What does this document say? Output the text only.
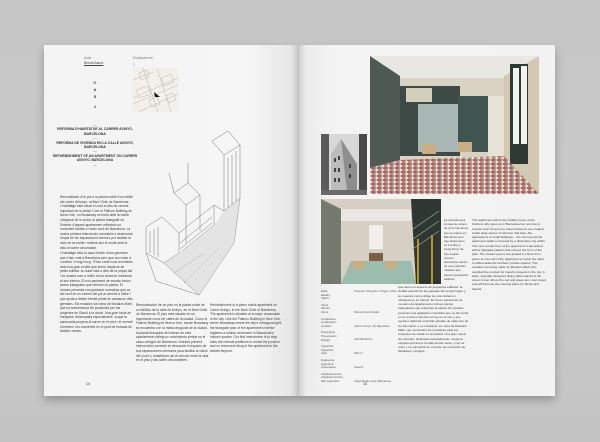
Autor
Benoit Aaron
Emplaçament
1
C
A
S
1
—
REFORMA D'HABITATGE AL CARRER AVINYÓ, BARCELONA
—
REFORMA DE VIVIENDA EN LA CALLE AVINYÓ, BARCELONA
—
REFURBISHMENT OF AN APARTMENT ON CARRER AVINYÓ, BARCELONA
—
Remodelació d'un pis a la planta noble d'un edifici del carrer d'Avinyó, al Barri Gòtic de Barcelona. L'habitatge està situat en una cruïlla de carrers important de la ciutat. Com el Flatiron Building de Nova York, on Broadway es troba amb la malla ortogonal de la ciutat, la planta triangular de l'interior d'aquest apartament reflecteix un moviment similar a l'antic nucli de Barcelona. La nostra primera intervenció consisteix a desmuntar l'espai de les separacions interiors per facilitar la visió de la cruïlla i restituir així el mode amb la vida al carrer circumdant.
L'habitatge serà la casa d'estiu d'uns germans que s'han criat a Barcelona però que ara viuen a Londres i Hong Kong. S'han creat nous dormitoris amb una gran moble que tenen l'aspecte de petits edificis: la ciutat està a dins de la pròpia llar i es mostra com a reflex d'una ciutat en miniatura al seu interior. El nou paviment de mosaic inclou peces triangulars que reforcen la planta. El mosaic presenta una gradació cromàtica que va del verd en un extrem del pis al vermell a l'altre i que ajuda a limitar l'àmbit privat de cadascun dels germans. Els mosaics són obra de Mosaics Martí, que ha subministrat els productes per als projectes de Gaudí a la ciutat. Una gran taula de menjador, dissenyada especialment, ocupa la cantonada propera al carrer on el verd i el vermell s'uneixen i es convertirà en el punt de trobada de família i amics.
Remodelación de un piso en la planta noble de un edificio de la calle de Avinyó, en el Barri Gòtic de Barcelona. El piso está situado en un importante cruce de calles de la ciudad. Como el Flatiron Building de Nueva York, donde Broadway se encuentra con la malla ortogonal de la ciudad, la planta triangular del interior de este apartamento refleja un movimiento similar en el casco antiguo de Barcelona. Nuestra primera intervención consiste en desnudar el espacio de sus separaciones interiores para facilitar la visión del cruce y restablecer así el vínculo entre la vida en el piso y las calles circundantes.
Refurbishment of a piano nobile apartment on Carrer Avinyó, in the Barri Gòtic of Barcelona. The apartment is situated at a major crossroads in the city. Like the Flatiron Building in New York, where Broadway meets the city's orthogonal grid, the triangular plan of the apartment's interior registers a similar movement in Barcelona's historic quarter. Our first intervention is to strip back the internal partitions to reveal the junction and so reconnect living in the apartment to the streets beyond.
14
Estat
Estado
Status
Projecte / Proyecto / Project, 2013
Client
Cliente
Client	Client & Kent Studio
Localització
Localización
Location	Carrer Avinyó, 36, Barcelona
Pressupost
Presupuesto
Budget	100.000 Euros
Superfície
Superficie
Area	180 m²
Enginyeria
Ingeniería
Consultants	Areal S
Arquitecte tècnic
Arquitecto técnico
Site supervisor	Àngel Martín Guía, Barcelona
La vivienda será la casa de verano de unos hermanos que se criaron en Barcelona pero que ahora viven en Londres y Hong Kong. Se han creado nuevos dormitorios dentro de unos grandes muebles que parecen pequeños edificios:
que tienen el aspecto de pequeños edificios: la ciudad está allí de las paredes del propio hogar y se muestra como reflejo de una ciudad en miniatura en su interior. El nuevo pavimento de mosaico del apartamento incluye piezas triangulares que refuerzan la planta. El mosaico presenta una gradación cromática que va del verde en un extremo del piso al rojo en el otro y que ayuda a delimitar el ámbito privado de cada uno de los hermanos. Los mosaicos son obra de Mosaics Martí, que suministró los productes para los proyectos de Gaudí en la ciudad. Una gran mesa de comedor, diseñada especialmente, ocupa la esquina próxima a la calle donde verde y rojo se unen y se convertirá en el punto de encuentro de familiares y amigos.
The apartment will be the holiday home of two brothers who grew up in Barcelona but now live in London and Hong Kong. New bedrooms are created inside large pieces of furniture that have the appearance of small buildings – the city beyond the apartment walls is mirrored by a diminutive city within. The new mosaic floor of the apartment is decorated with a triangular pattern that echoes the form of the plan. The mosaic pieces are graded in colour from green at one end of the apartment to red at the other to differentiate the brothers' private spaces. The mosaics are being made by Mosaics Martí who supplied the product for Gaudí's projects in the city. A large, specially designed dining table stands at the street corner where the red and green are most mixed and will become the meeting place for family and friends.
15
